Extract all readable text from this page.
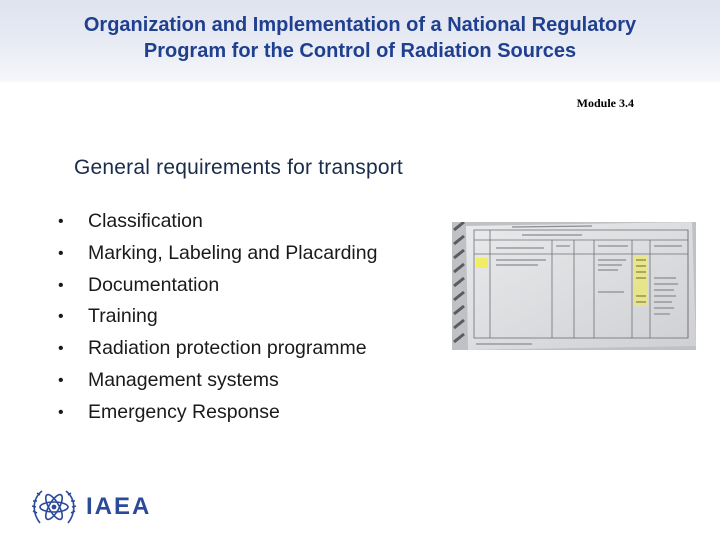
Organization and Implementation of a National Regulatory
Program for the Control of Radiation Sources
Module 3.4
General requirements for transport
•	Classification
•	Marking, Labeling and Placarding
•	Documentation
•	Training
•	Radiation protection programme
•	Management systems
•	Emergency Response
IAEA
